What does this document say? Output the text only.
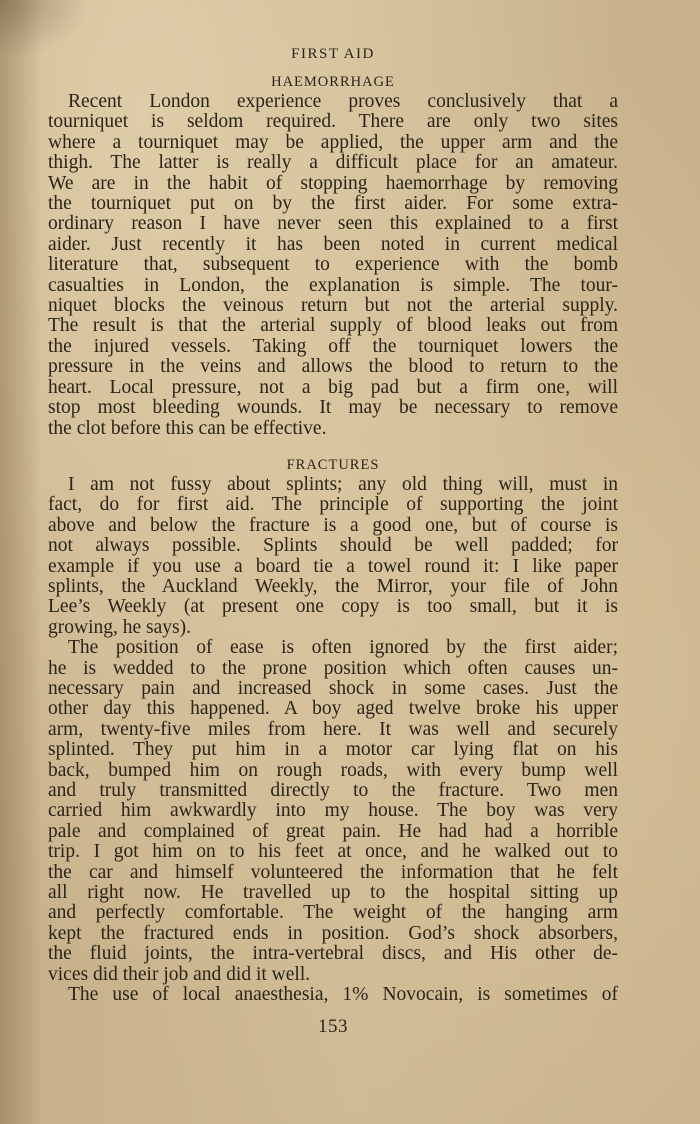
FIRST AID
HAEMORRHAGE
Recent London experience proves conclusively that a
tourniquet is seldom required. There are only two sites
where a tourniquet may be applied, the upper arm and the
thigh. The latter is really a difficult place for an amateur.
We are in the habit of stopping haemorrhage by removing
the tourniquet put on by the first aider. For some extra-
ordinary reason I have never seen this explained to a first
aider. Just recently it has been noted in current medical
literature that, subsequent to experience with the bomb
casualties in London, the explanation is simple. The tour-
niquet blocks the veinous return but not the arterial supply.
The result is that the arterial supply of blood leaks out from
the injured vessels. Taking off the tourniquet lowers the
pressure in the veins and allows the blood to return to the
heart. Local pressure, not a big pad but a firm one, will
stop most bleeding wounds. It may be necessary to remove
the clot before this can be effective.
FRACTURES
I am not fussy about splints; any old thing will, must in
fact, do for first aid. The principle of supporting the joint
above and below the fracture is a good one, but of course is
not always possible. Splints should be well padded; for
example if you use a board tie a towel round it: I like paper
splints, the Auckland Weekly, the Mirror, your file of John
Lee’s Weekly (at present one copy is too small, but it is
growing, he says).
The position of ease is often ignored by the first aider;
he is wedded to the prone position which often causes un-
necessary pain and increased shock in some cases. Just the
other day this happened. A boy aged twelve broke his upper
arm, twenty-five miles from here. It was well and securely
splinted. They put him in a motor car lying flat on his
back, bumped him on rough roads, with every bump well
and truly transmitted directly to the fracture. Two men
carried him awkwardly into my house. The boy was very
pale and complained of great pain. He had had a horrible
trip. I got him on to his feet at once, and he walked out to
the car and himself volunteered the information that he felt
all right now. He travelled up to the hospital sitting up
and perfectly comfortable. The weight of the hanging arm
kept the fractured ends in position. God’s shock absorbers,
the fluid joints, the intra-vertebral discs, and His other de-
vices did their job and did it well.
The use of local anaesthesia, 1% Novocain, is sometimes of
153
